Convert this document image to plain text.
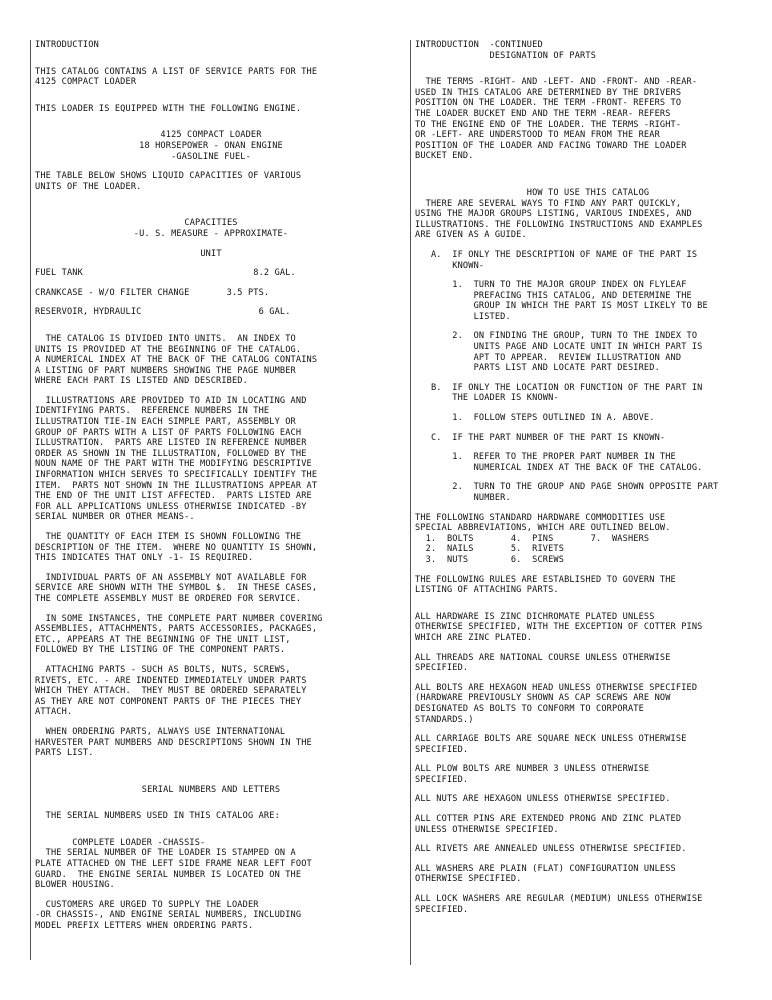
INTRODUCTION
THIS CATALOG CONTAINS A LIST OF SERVICE PARTS FOR THE
4125 COMPACT LOADER
THIS LOADER IS EQUIPPED WITH THE FOLLOWING ENGINE.
4125 COMPACT LOADER
18 HORSEPOWER - ONAN ENGINE
-GASOLINE FUEL-
THE TABLE BELOW SHOWS LIQUID CAPACITIES OF VARIOUS
UNITS OF THE LOADER.
CAPACITIES
-U. S. MEASURE - APPROXIMATE-
UNIT
FUEL TANK                                8.2 GAL.
CRANKCASE - W/O FILTER CHANGE       3.5 PTS.
RESERVOIR, HYDRAULIC                      6 GAL.
THE CATALOG IS DIVIDED INTO UNITS.  AN INDEX TO
UNITS IS PROVIDED AT THE BEGINNING OF THE CATALOG.
A NUMERICAL INDEX AT THE BACK OF THE CATALOG CONTAINS
A LISTING OF PART NUMBERS SHOWING THE PAGE NUMBER
WHERE EACH PART IS LISTED AND DESCRIBED.
ILLUSTRATIONS ARE PROVIDED TO AID IN LOCATING AND
IDENTIFYING PARTS.  REFERENCE NUMBERS IN THE
ILLUSTRATION TIE-IN EACH SIMPLE PART, ASSEMBLY OR
GROUP OF PARTS WITH A LIST OF PARTS FOLLOWING EACH
ILLUSTRATION.  PARTS ARE LISTED IN REFERENCE NUMBER
ORDER AS SHOWN IN THE ILLUSTRATION, FOLLOWED BY THE
NOUN NAME OF THE PART WITH THE MODIFYING DESCRIPTIVE
INFORMATION WHICH SERVES TO SPECIFICALLY IDENTIFY THE
ITEM.  PARTS NOT SHOWN IN THE ILLUSTRATIONS APPEAR AT
THE END OF THE UNIT LIST AFFECTED.  PARTS LISTED ARE
FOR ALL APPLICATIONS UNLESS OTHERWISE INDICATED -BY
SERIAL NUMBER OR OTHER MEANS-.
THE QUANTITY OF EACH ITEM IS SHOWN FOLLOWING THE
DESCRIPTION OF THE ITEM.  WHERE NO QUANTITY IS SHOWN,
THIS INDICATES THAT ONLY -1- IS REQUIRED.
INDIVIDUAL PARTS OF AN ASSEMBLY NOT AVAILABLE FOR
SERVICE ARE SHOWN WITH THE SYMBOL $.  IN THESE CASES,
THE COMPLETE ASSEMBLY MUST BE ORDERED FOR SERVICE.
IN SOME INSTANCES, THE COMPLETE PART NUMBER COVERING
ASSEMBLIES, ATTACHMENTS, PARTS ACCESSORIES, PACKAGES,
ETC., APPEARS AT THE BEGINNING OF THE UNIT LIST,
FOLLOWED BY THE LISTING OF THE COMPONENT PARTS.
ATTACHING PARTS - SUCH AS BOLTS, NUTS, SCREWS,
RIVETS, ETC. - ARE INDENTED IMMEDIATELY UNDER PARTS
WHICH THEY ATTACH.  THEY MUST BE ORDERED SEPARATELY
AS THEY ARE NOT COMPONENT PARTS OF THE PIECES THEY
ATTACH.
WHEN ORDERING PARTS, ALWAYS USE INTERNATIONAL
HARVESTER PART NUMBERS AND DESCRIPTIONS SHOWN IN THE
PARTS LIST.
SERIAL NUMBERS AND LETTERS
THE SERIAL NUMBERS USED IN THIS CATALOG ARE:
COMPLETE LOADER -CHASSIS-
THE SERIAL NUMBER OF THE LOADER IS STAMPED ON A
PLATE ATTACHED ON THE LEFT SIDE FRAME NEAR LEFT FOOT
GUARD.  THE ENGINE SERIAL NUMBER IS LOCATED ON THE
BLOWER HOUSING.
CUSTOMERS ARE URGED TO SUPPLY THE LOADER
-OR CHASSIS-, AND ENGINE SERIAL NUMBERS, INCLUDING
MODEL PREFIX LETTERS WHEN ORDERING PARTS.
INTRODUCTION  -CONTINUED
DESIGNATION OF PARTS
THE TERMS -RIGHT- AND -LEFT- AND -FRONT- AND -REAR-
USED IN THIS CATALOG ARE DETERMINED BY THE DRIVERS
POSITION ON THE LOADER. THE TERM -FRONT- REFERS TO
THE LOADER BUCKET END AND THE TERM -REAR- REFERS
TO THE ENGINE END OF THE LOADER. THE TERMS -RIGHT-
OR -LEFT- ARE UNDERSTOOD TO MEAN FROM THE REAR
POSITION OF THE LOADER AND FACING TOWARD THE LOADER
BUCKET END.
HOW TO USE THIS CATALOG
THERE ARE SEVERAL WAYS TO FIND ANY PART QUICKLY,
USING THE MAJOR GROUPS LISTING, VARIOUS INDEXES, AND
ILLUSTRATIONS. THE FOLLOWING INSTRUCTIONS AND EXAMPLES
ARE GIVEN AS A GUIDE.
A.  IF ONLY THE DESCRIPTION OF NAME OF THE PART IS
KNOWN-
1.  TURN TO THE MAJOR GROUP INDEX ON FLYLEAF
PREFACING THIS CATALOG, AND DETERMINE THE
GROUP IN WHICH THE PART IS MOST LIKELY TO BE
LISTED.
2.  ON FINDING THE GROUP, TURN TO THE INDEX TO
UNITS PAGE AND LOCATE UNIT IN WHICH PART IS
APT TO APPEAR.  REVIEW ILLUSTRATION AND
PARTS LIST AND LOCATE PART DESIRED.
B.  IF ONLY THE LOCATION OR FUNCTION OF THE PART IN
THE LOADER IS KNOWN-
1.  FOLLOW STEPS OUTLINED IN A. ABOVE.
C.  IF THE PART NUMBER OF THE PART IS KNOWN-
1.  REFER TO THE PROPER PART NUMBER IN THE
NUMERICAL INDEX AT THE BACK OF THE CATALOG.
2.  TURN TO THE GROUP AND PAGE SHOWN OPPOSITE PART
NUMBER.
THE FOLLOWING STANDARD HARDWARE COMMODITIES USE
SPECIAL ABBREVIATIONS, WHICH ARE OUTLINED BELOW.
1.  BOLTS       4.  PINS       7.  WASHERS
2.  NAILS       5.  RIVETS
3.  NUTS        6.  SCREWS
THE FOLLOWING RULES ARE ESTABLISHED TO GOVERN THE
LISTING OF ATTACHING PARTS.
ALL HARDWARE IS ZINC DICHROMATE PLATED UNLESS
OTHERWISE SPECIFIED, WITH THE EXCEPTION OF COTTER PINS
WHICH ARE ZINC PLATED.
ALL THREADS ARE NATIONAL COURSE UNLESS OTHERWISE
SPECIFIED.
ALL BOLTS ARE HEXAGON HEAD UNLESS OTHERWISE SPECIFIED
(HARDWARE PREVIOUSLY SHOWN AS CAP SCREWS ARE NOW
DESIGNATED AS BOLTS TO CONFORM TO CORPORATE
STANDARDS.)
ALL CARRIAGE BOLTS ARE SQUARE NECK UNLESS OTHERWISE
SPECIFIED.
ALL PLOW BOLTS ARE NUMBER 3 UNLESS OTHERWISE
SPECIFIED.
ALL NUTS ARE HEXAGON UNLESS OTHERWISE SPECIFIED.
ALL COTTER PINS ARE EXTENDED PRONG AND ZINC PLATED
UNLESS OTHERWISE SPECIFIED.
ALL RIVETS ARE ANNEALED UNLESS OTHERWISE SPECIFIED.
ALL WASHERS ARE PLAIN (FLAT) CONFIGURATION UNLESS
OTHERWISE SPECIFIED.
ALL LOCK WASHERS ARE REGULAR (MEDIUM) UNLESS OTHERWISE
SPECIFIED.
